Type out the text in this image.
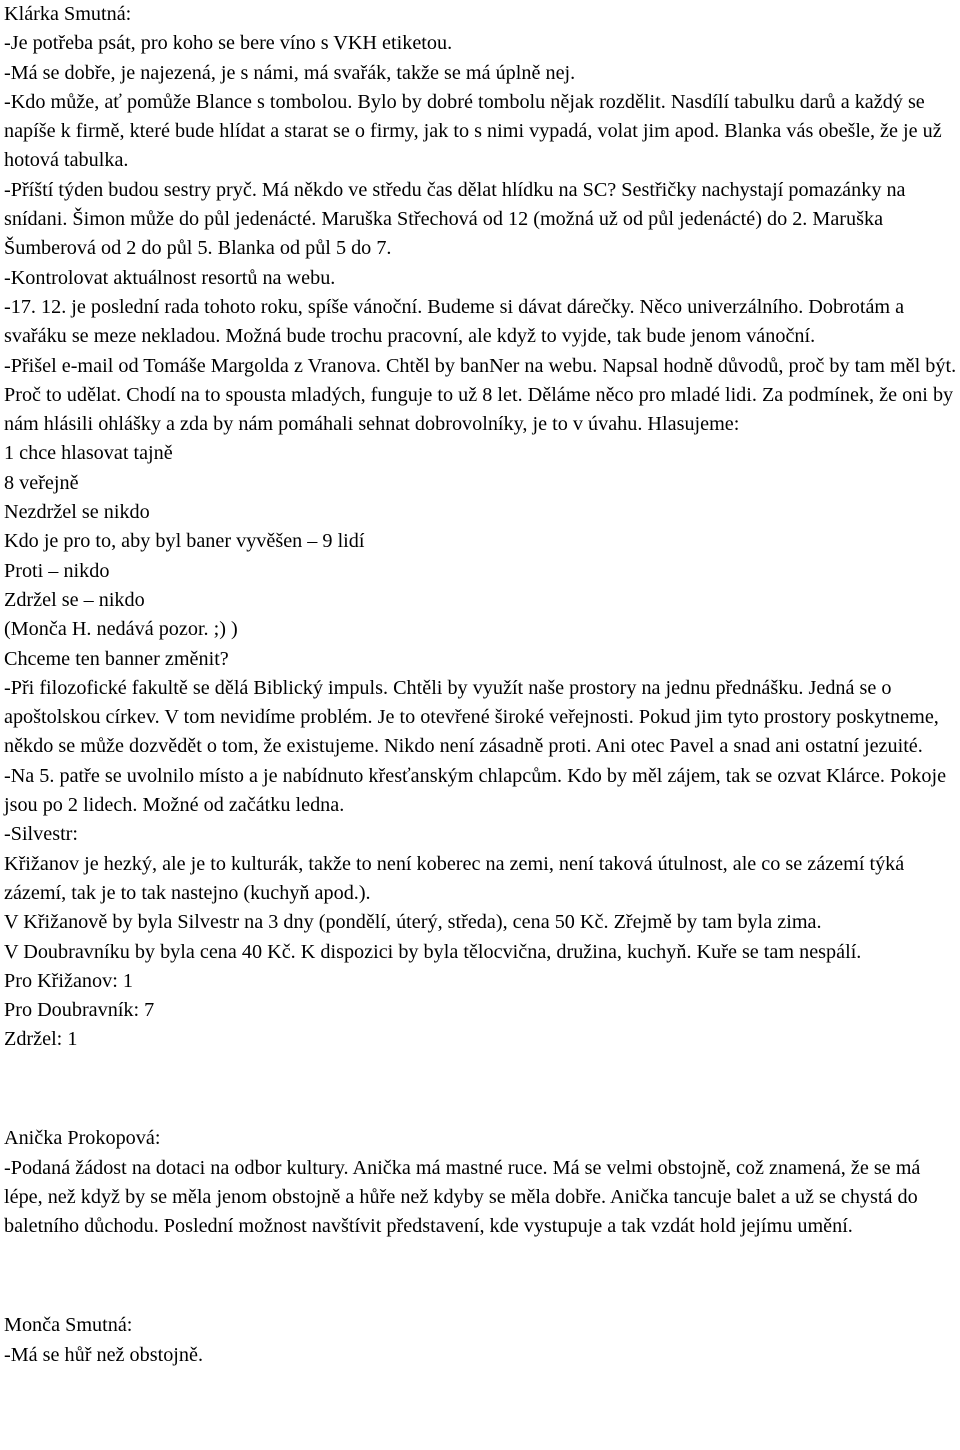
Klárka Smutná:

-Je potřeba psát, pro koho se bere víno s VKH etiketou.

-Má se dobře, je najezená, je s námi, má svařák, takže se má úplně nej.

-Kdo může, ať pomůže Blance s tombolou. Bylo by dobré tombolu nějak rozdělit. Nasdílí tabulku darů a každý se napíše k firmě, které bude hlídat a starat se o firmy, jak to s nimi vypadá, volat jim apod. Blanka vás obešle, že je už hotová tabulka.

-Příští týden budou sestry pryč. Má někdo ve středu čas dělat hlídku na SC? Sestřičky nachystají pomazánky na snídani. Šimon může do půl jedenácté. Maruška Střechová od 12 (možná už od půl jedenácté) do 2. Maruška Šumberová od 2 do půl 5. Blanka od půl 5 do 7.

-Kontrolovat aktuálnost resortů na webu.

-17. 12. je poslední rada tohoto roku, spíše vánoční. Budeme si dávat dárečky. Něco univerzálního. Dobrotám a svařáku se meze nekladou. Možná bude trochu pracovní, ale když to vyjde, tak bude jenom vánoční.

-Přišel e-mail od Tomáše Margolda z Vranova. Chtěl by banNer na webu. Napsal hodně důvodů, proč by tam měl být. Proč to udělat. Chodí na to spousta mladých, funguje to už 8 let. Děláme něco pro mladé lidi. Za podmínek, že oni by nám hlásili ohlášky a zda by nám pomáhali sehnat dobrovolníky, je to v úvahu. Hlasujeme:

1 chce hlasovat tajně

8 veřejně

Nezdržel se nikdo

Kdo je pro to, aby byl baner vyvěšen – 9 lidí

Proti – nikdo

Zdržel se – nikdo

(Monča H. nedává pozor. ;) )

Chceme ten banner změnit?

-Při filozofické fakultě se dělá Biblický impuls. Chtěli by využít naše prostory na jednu přednášku. Jedná se o apoštolskou církev. V tom nevidíme problém. Je to otevřené široké veřejnosti. Pokud jim tyto prostory poskytneme, někdo se může dozvědět o tom, že existujeme. Nikdo není zásadně proti. Ani otec Pavel a snad ani ostatní jezuité.

-Na 5. patře se uvolnilo místo a je nabídnuto křesťanským chlapcům. Kdo by měl zájem, tak se ozvat Klárce. Pokoje jsou po 2 lidech. Možné od začátku ledna.

-Silvestr:

Křižanov je hezký, ale je to kulturák, takže to není koberec na zemi, není taková útulnost, ale co se zázemí týká zázemí, tak je to tak nastejno (kuchyň apod.).

V Křižanově by byla Silvestr na 3 dny (pondělí, úterý, středa), cena 50 Kč. Zřejmě by tam byla zima.

V Doubravníku by byla cena 40 Kč. K dispozici by byla tělocvična, družina, kuchyň. Kuře se tam nespálí.

Pro Křižanov: 1

Pro Doubravník: 7

Zdržel: 1

Anička Prokopová:

-Podaná žádost na dotaci na odbor kultury. Anička má mastné ruce. Má se velmi obstojně, což znamená, že se má lépe, než když by se měla jenom obstojně a hůře než kdyby se měla dobře. Anička tancuje balet a už se chystá do baletního důchodu. Poslední možnost navštívit představení, kde vystupuje a tak vzdát hold jejímu umění.

Monča Smutná:

-Má se hůř než obstojně.
